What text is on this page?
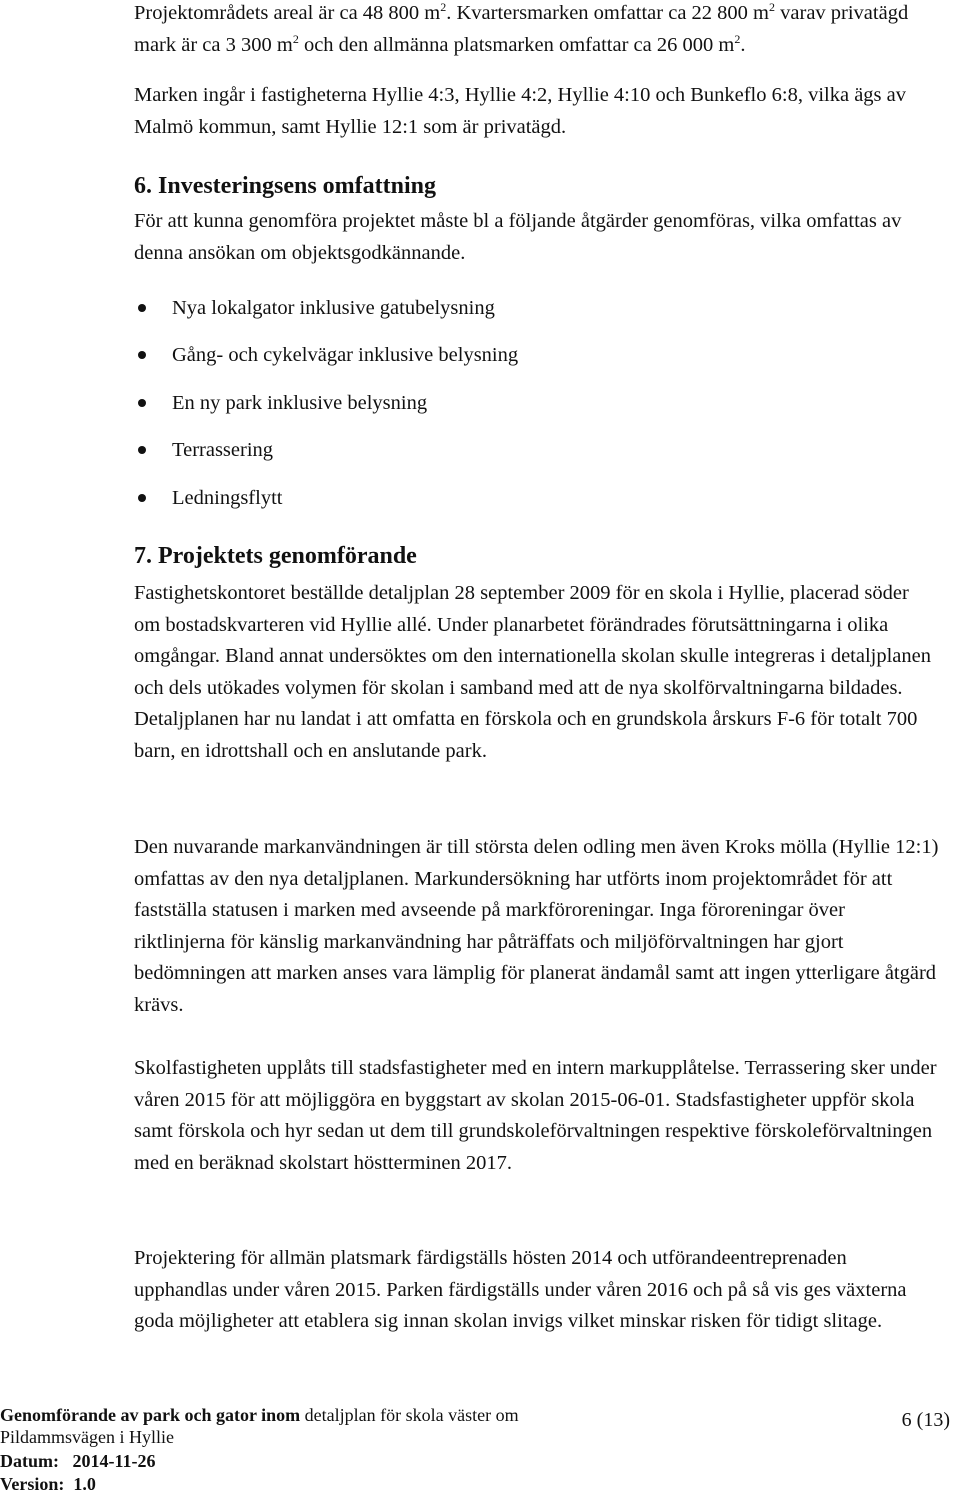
Projektområdets areal är ca 48 800 $m^2$. Kvartersmarken omfattar ca 22 800 $m^2$ varav privatägd mark är ca 3 300 $m^2$ och den allmänna platsmarken omfattar ca 26 000 $m^2$.

Marken ingår i fastigheterna Hyllie 4:3, Hyllie 4:2, Hyllie 4:10 och Bunkeflo 6:8, vilka ägs av Malmö kommun, samt Hyllie 12:1 som är privatägd.

6. Investeringsens omfattning

För att kunna genomföra projektet måste bl a följande åtgärder genomföras, vilka omfattas av denna ansökan om objektsgodkännande.

Nya lokalgator inklusive gatubelysning
Gång- och cykelvägar inklusive belysning
En ny park inklusive belysning
Terrassering
Ledningsflytt
7. Projektets genomförande

Fastighetskontoret beställde detaljplan 28 september 2009 för en skola i Hyllie, placerad söder om bostadskvarteren vid Hyllie allé. Under planarbetet förändrades förutsättningarna i olika omgångar. Bland annat undersöktes om den internationella skolan skulle integreras i detaljplanen och dels utökades volymen för skolan i samband med att de nya skolförvaltningarna bildades. Detaljplanen har nu landat i att omfatta en förskola och en grundskola årskurs F-6 för totalt 700 barn, en idrottshall och en anslutande park.

Den nuvarande markanvändningen är till största delen odling men även Kroks mölla (Hyllie 12:1) omfattas av den nya detaljplanen. Markundersökning har utförts inom projektområdet för att fastställa statusen i marken med avseende på markföroreningar. Inga föroreningar över riktlinjerna för känslig markanvändning har påträffats och miljöförvaltningen har gjort bedömningen att marken anses vara lämplig för planerat ändamål samt att ingen ytterligare åtgärd krävs.

Skolfastigheten upplåts till stadsfastigheter med en intern markupplåtelse. Terrassering sker under våren 2015 för att möjliggöra en byggstart av skolan 2015-06-01. Stadsfastigheter uppför skola samt förskola och hyr sedan ut dem till grundskoleförvaltningen respektive förskoleförvaltningen med en beräknad skolstart höstterminen 2017.

Projektering för allmän platsmark färdigställs hösten 2014 och utförandeentreprenaden upphandlas under våren 2015. Parken färdigställs under våren 2016 och på så vis ges växterna goda möjligheter att etablera sig innan skolan invigs vilket minskar risken för tidigt slitage.

Genomförande av park och gator inom detaljplan för skola väster om

Pildammsvägen i Hyllie

Datum: 2014-11-26

Version: 1.0

6 (13)
